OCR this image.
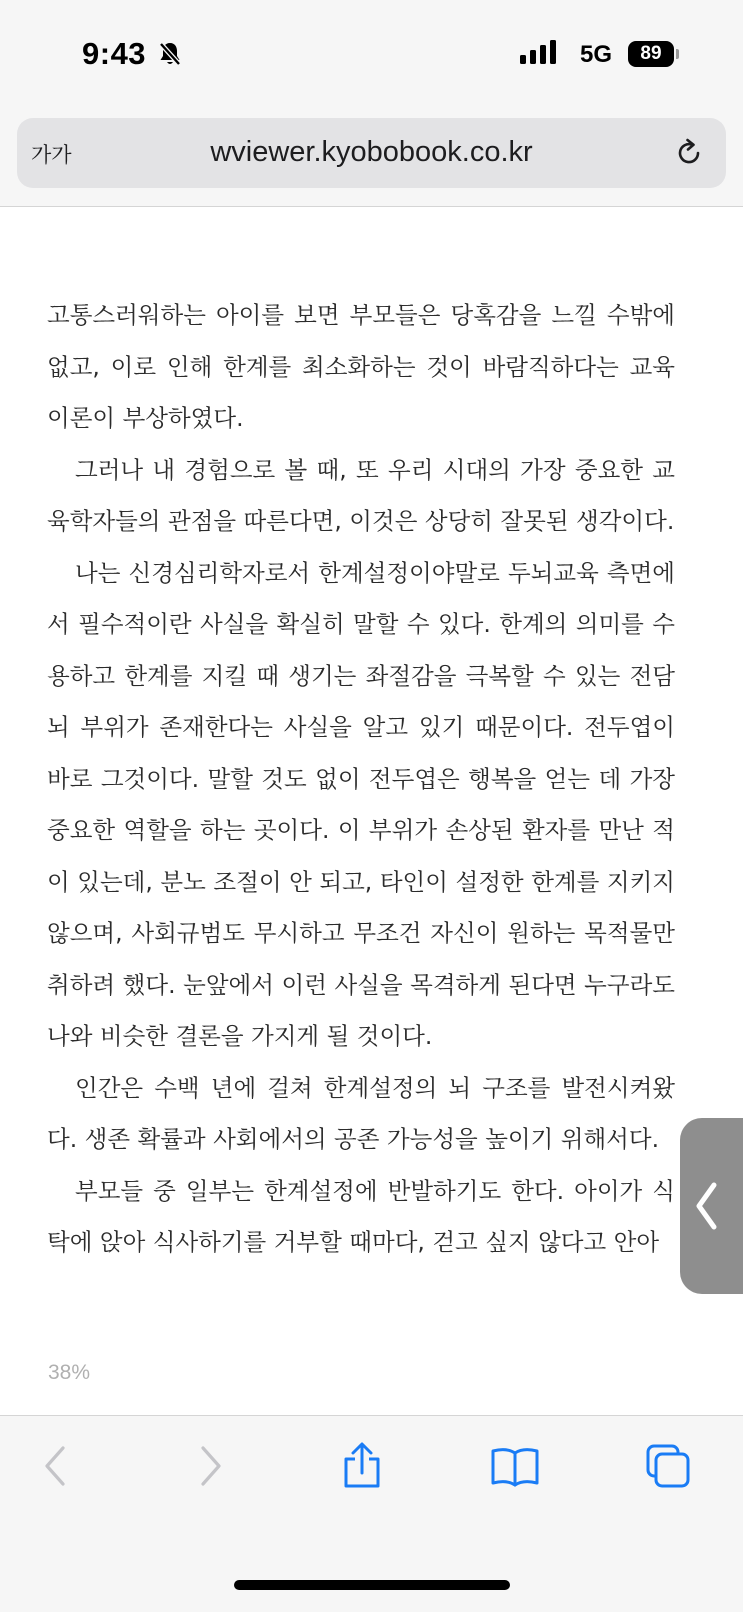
9:43	5G	89
가가	wviewer.kyobobook.co.kr

고통스러워하는 아이를 보면 부모들은 당혹감을 느낄 수밖에 없고, 이로 인해 한계를 최소화하는 것이 바람직하다는 교육 이론이 부상하였다.

그러나 내 경험으로 볼 때, 또 우리 시대의 가장 중요한 교육학자들의 관점을 따른다면, 이것은 상당히 잘못된 생각이다.

나는 신경심리학자로서 한계설정이야말로 두뇌교육 측면에서 필수적이란 사실을 확실히 말할 수 있다. 한계의 의미를 수용하고 한계를 지킬 때 생기는 좌절감을 극복할 수 있는 전담 뇌 부위가 존재한다는 사실을 알고 있기 때문이다. 전두엽이 바로 그것이다. 말할 것도 없이 전두엽은 행복을 얻는 데 가장 중요한 역할을 하는 곳이다. 이 부위가 손상된 환자를 만난 적이 있는데, 분노 조절이 안 되고, 타인이 설정한 한계를 지키지 않으며, 사회규범도 무시하고 무조건 자신이 원하는 목적물만 취하려 했다. 눈앞에서 이런 사실을 목격하게 된다면 누구라도 나와 비슷한 결론을 가지게 될 것이다.

인간은 수백 년에 걸쳐 한계설정의 뇌 구조를 발전시켜왔다. 생존 확률과 사회에서의 공존 가능성을 높이기 위해서다.

부모들 중 일부는 한계설정에 반발하기도 한다. 아이가 식탁에 앉아 식사하기를 거부할 때마다, 걷고 싶지 않다고 안아

38%
